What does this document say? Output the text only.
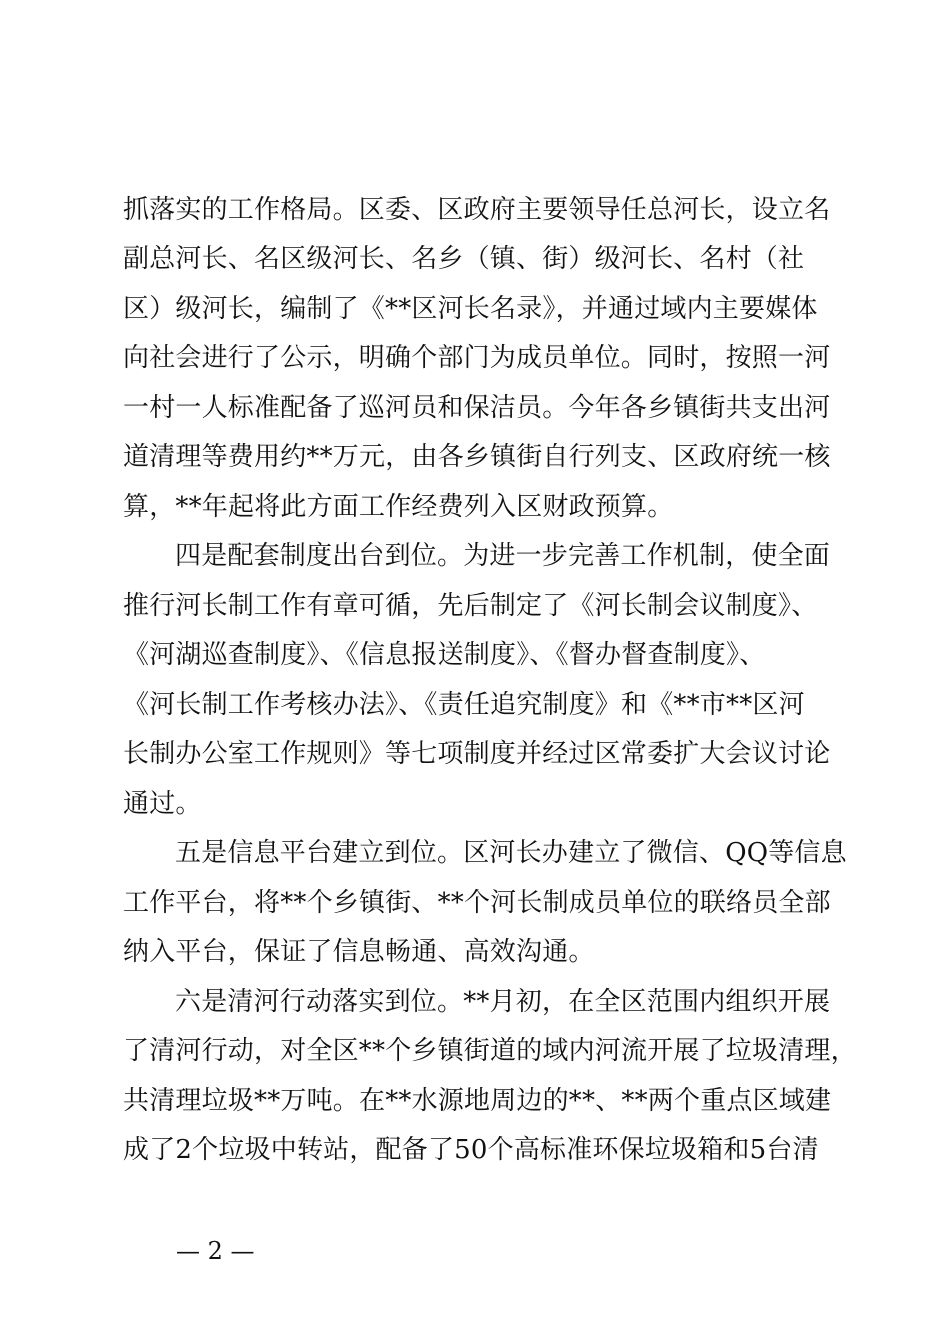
抓落实的工作格局。区委、区政府主要领导任总河长，设立名
副总河长、名区级河长、名乡（镇、街）级河长、名村（社
区）级河长，编制了《**区河长名录》，并通过域内主要媒体
向社会进行了公示，明确个部门为成员单位。同时，按照一河
一村一人标准配备了巡河员和保洁员。今年各乡镇街共支出河
道清理等费用约**万元，由各乡镇街自行列支、区政府统一核
算，**年起将此方面工作经费列入区财政预算。
四是配套制度出台到位。为进一步完善工作机制，使全面
推行河长制工作有章可循，先后制定了《河长制会议制度》、
《河湖巡查制度》、《信息报送制度》、《督办督查制度》、
《河长制工作考核办法》、《责任追究制度》和《**市**区河
长制办公室工作规则》等七项制度并经过区常委扩大会议讨论
通过。
五是信息平台建立到位。区河长办建立了微信、QQ等信息
工作平台，将**个乡镇街、**个河长制成员单位的联络员全部
纳入平台，保证了信息畅通、高效沟通。
六是清河行动落实到位。**月初，在全区范围内组织开展
了清河行动，对全区**个乡镇街道的域内河流开展了垃圾清理，
共清理垃圾**万吨。在**水源地周边的**、**两个重点区域建
成了2个垃圾中转站，配备了50个高标准环保垃圾箱和5台清
— 2 —
